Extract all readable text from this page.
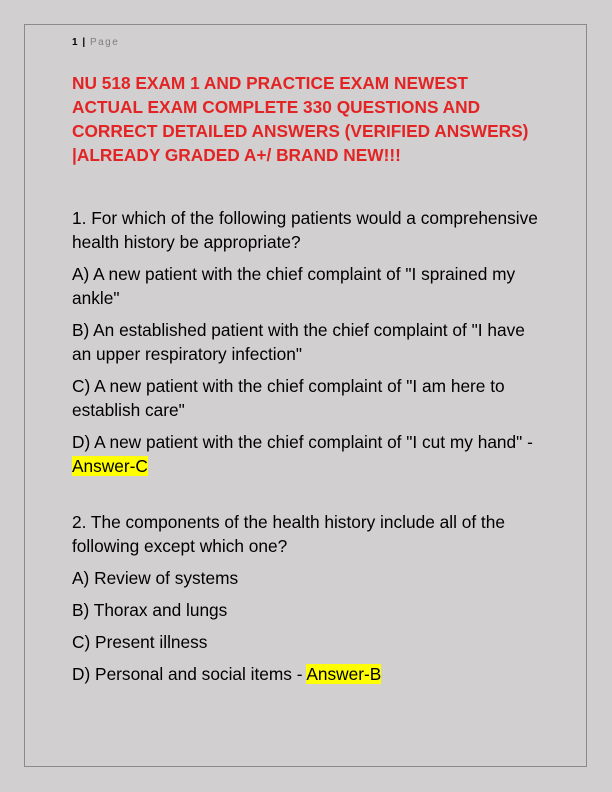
1 | Page
NU 518 EXAM 1 AND PRACTICE EXAM NEWEST ACTUAL EXAM COMPLETE 330 QUESTIONS AND CORRECT DETAILED ANSWERS (VERIFIED ANSWERS) |ALREADY GRADED A+/ BRAND NEW!!!

1. For which of the following patients would a comprehensive health history be appropriate?

A) A new patient with the chief complaint of "I sprained my ankle"

B) An established patient with the chief complaint of "I have an upper respiratory infection"

C) A new patient with the chief complaint of "I am here to establish care"

D) A new patient with the chief complaint of "I cut my hand" - Answer-C

2. The components of the health history include all of the following except which one?

A) Review of systems

B) Thorax and lungs

C) Present illness

D) Personal and social items - Answer-B
